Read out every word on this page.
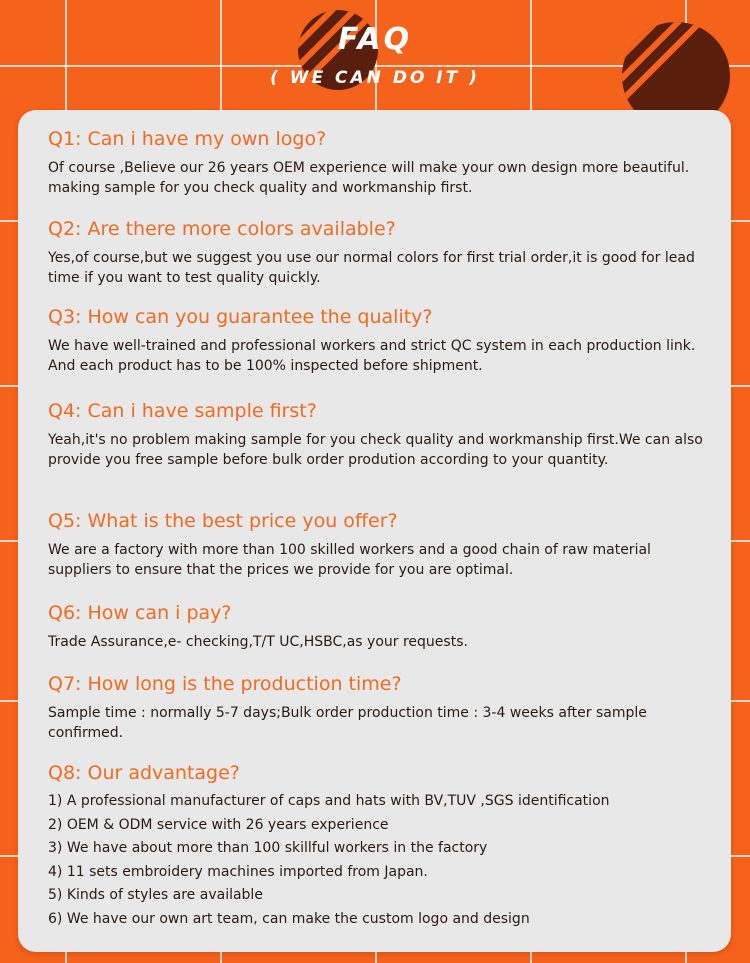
FAQ
( WE CAN DO IT )
Q1: Can i have my own logo?
Of course ,Believe our 26 years OEM experience will make your own design more beautiful. making sample for you check quality and workmanship first.
Q2: Are there more colors available?
Yes,of course,but we suggest you use our normal colors for first trial order,it is good for lead time if you want to test quality quickly.
Q3: How can you guarantee the quality?
We have well-trained and professional workers and strict QC system in each production link. And each product has to be 100% inspected before shipment.
Q4: Can i have sample first?
Yeah,it's no problem making sample for you check quality and workmanship first.We can also provide you free sample before bulk order prodution according to your quantity.
Q5: What is the best price you offer?
We are a factory with more than 100 skilled workers and a good chain of raw material suppliers to ensure that the prices we provide for you are optimal.
Q6: How can i pay?
Trade Assurance,e- checking,T/T UC,HSBC,as your requests.
Q7: How long is the production time?
Sample time : normally 5-7 days;Bulk order production time : 3-4 weeks after sample confirmed.
Q8: Our advantage?
1) A professional manufacturer of caps and hats with BV,TUV ,SGS identification
2) OEM & ODM service with 26 years experience
3) We have about more than 100 skillful workers in the factory
4) 11 sets embroidery machines imported from Japan.
5) Kinds of styles are available
6) We have our own art team, can make the custom logo and design
